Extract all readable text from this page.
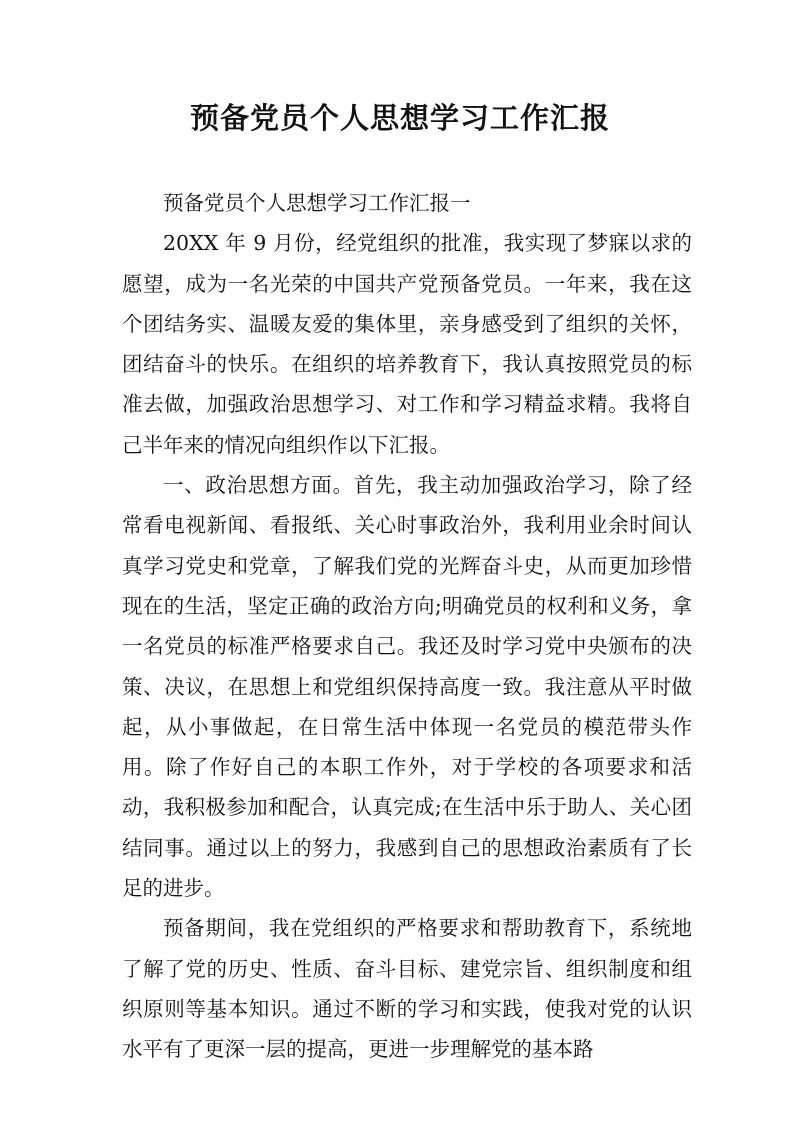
预备党员个人思想学习工作汇报

预备党员个人思想学习工作汇报一

20XX 年 9 月份，经党组织的批准，我实现了梦寐以求的愿望，成为一名光荣的中国共产党预备党员。一年来，我在这个团结务实、温暖友爱的集体里，亲身感受到了组织的关怀，团结奋斗的快乐。在组织的培养教育下，我认真按照党员的标准去做，加强政治思想学习、对工作和学习精益求精。我将自己半年来的情况向组织作以下汇报。

一、政治思想方面。首先，我主动加强政治学习，除了经常看电视新闻、看报纸、关心时事政治外，我利用业余时间认真学习党史和党章，了解我们党的光辉奋斗史，从而更加珍惜现在的生活，坚定正确的政治方向;明确党员的权利和义务，拿一名党员的标准严格要求自己。我还及时学习党中央颁布的决策、决议，在思想上和党组织保持高度一致。我注意从平时做起，从小事做起，在日常生活中体现一名党员的模范带头作用。除了作好自己的本职工作外，对于学校的各项要求和活动，我积极参加和配合，认真完成;在生活中乐于助人、关心团结同事。通过以上的努力，我感到自己的思想政治素质有了长足的进步。

预备期间，我在党组织的严格要求和帮助教育下，系统地了解了党的历史、性质、奋斗目标、建党宗旨、组织制度和组织原则等基本知识。通过不断的学习和实践，使我对党的认识水平有了更深一层的提高，更进一步理解党的基本路
